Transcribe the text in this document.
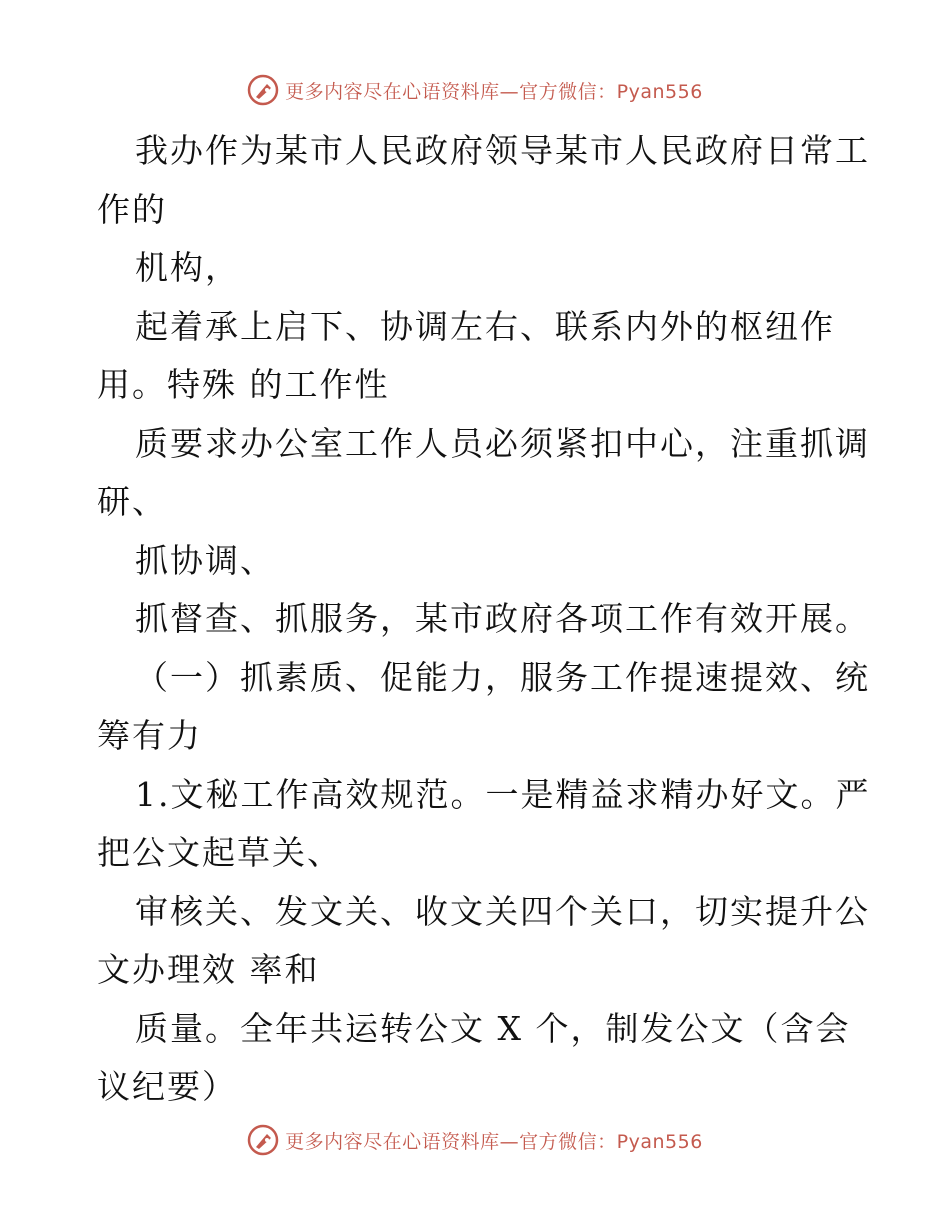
更多内容尽在心语资料库—官方微信：Pyan556
我办作为某市人民政府领导某市人民政府日常工
作的
机构，
起着承上启下、协调左右、联系内外的枢纽作
用。特殊 的工作性
质要求办公室工作人员必须紧扣中心，注重抓调
研、
抓协调、
抓督查、抓服务，某市政府各项工作有效开展。
（一）抓素质、促能力，服务工作提速提效、统
筹有力
1.文秘工作高效规范。一是精益求精办好文。严
把公文起草关、
审核关、发文关、收文关四个关口，切实提升公
文办理效 率和
质量。全年共运转公文 X 个，制发公文（含会
议纪要）
更多内容尽在心语资料库—官方微信：Pyan556
